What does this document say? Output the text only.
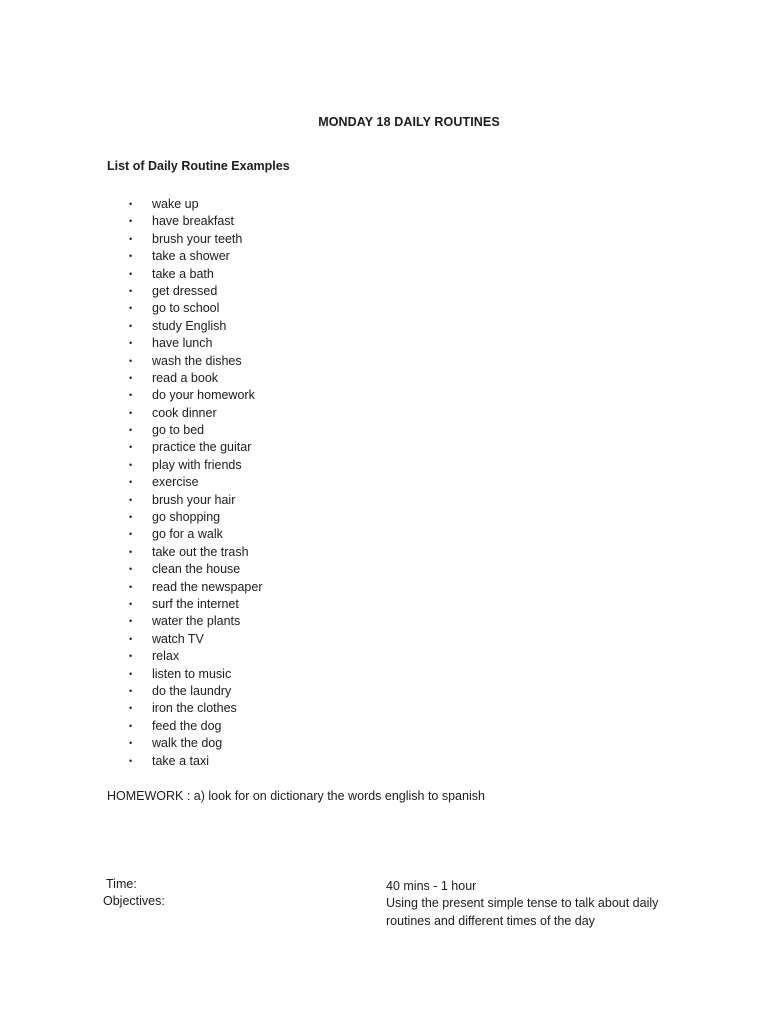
MONDAY 18 DAILY ROUTINES
List of Daily Routine Examples
•	wake up
•	have breakfast
•	brush your teeth
•	take a shower
•	take a bath
•	get dressed
•	go to school
•	study English
•	have lunch
•	wash the dishes
•	read a book
•	do your homework
•	cook dinner
•	go to bed
•	practice the guitar
•	play with friends
•	exercise
•	brush your hair
•	go shopping
•	go for a walk
•	take out the trash
•	clean the house
•	read the newspaper
•	surf the internet
•	water the plants
•	watch TV
•	relax
•	listen to music
•	do the laundry
•	iron the clothes
•	feed the dog
•	walk the dog
•	take a taxi
HOMEWORK : a) look for on dictionary the words english to spanish
Time:	40 mins - 1 hour
Objectives:	Using the present simple tense to talk about daily routines and different times of the day
